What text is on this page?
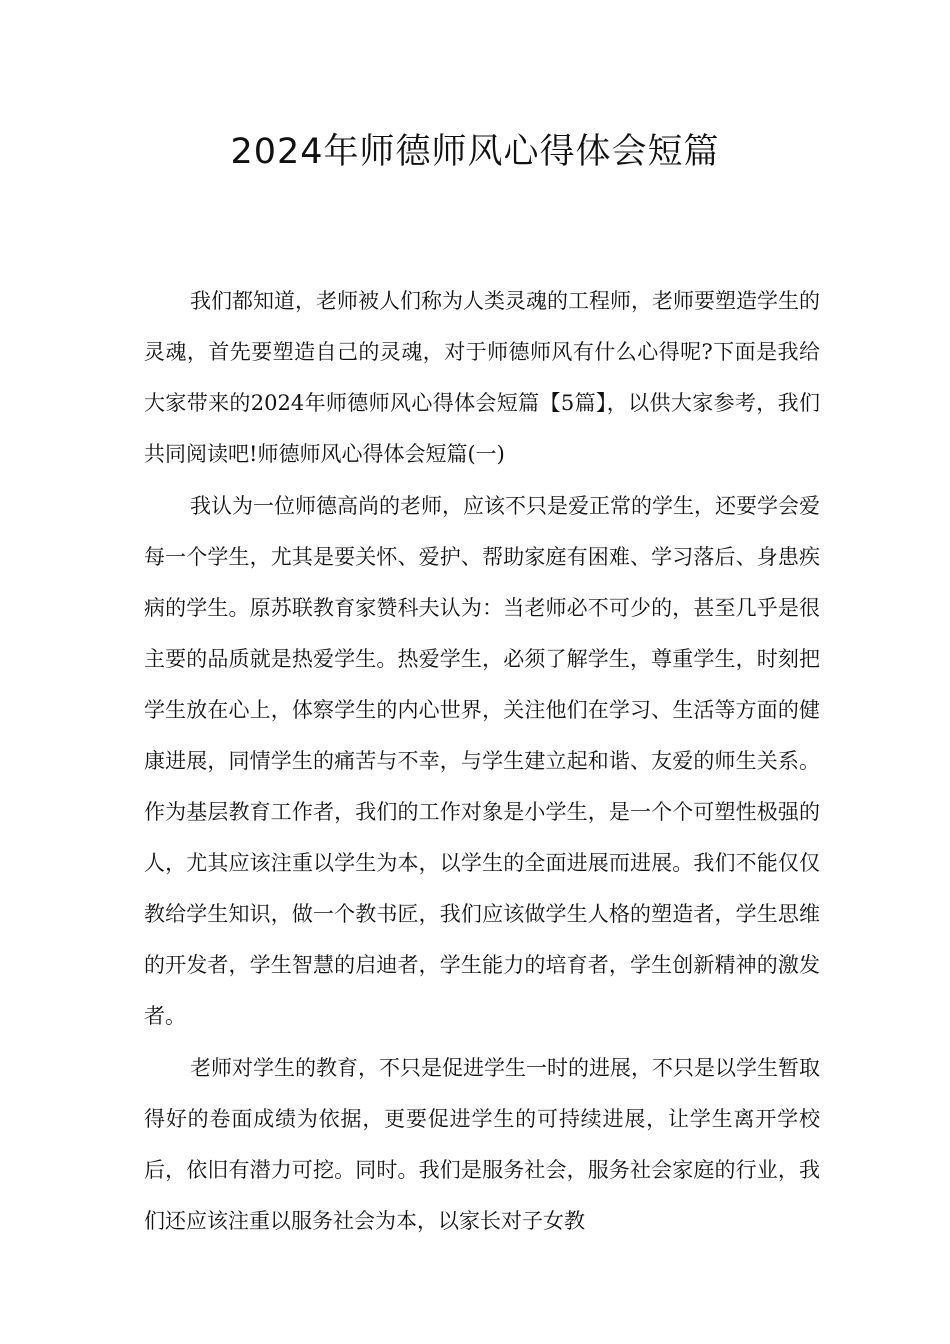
2024年师德师风心得体会短篇

我们都知道，老师被人们称为人类灵魂的工程师，老师要塑造学生的灵魂，首先要塑造自己的灵魂，对于师德师风有什么心得呢?下面是我给大家带来的2024年师德师风心得体会短篇【5篇】，以供大家参考，我们共同阅读吧!师德师风心得体会短篇(一)

我认为一位师德高尚的老师，应该不只是爱正常的学生，还要学会爱每一个学生，尤其是要关怀、爱护、帮助家庭有困难、学习落后、身患疾病的学生。原苏联教育家赞科夫认为：当老师必不可少的，甚至几乎是很主要的品质就是热爱学生。热爱学生，必须了解学生，尊重学生，时刻把学生放在心上，体察学生的内心世界，关注他们在学习、生活等方面的健康进展，同情学生的痛苦与不幸，与学生建立起和谐、友爱的师生关系。作为基层教育工作者，我们的工作对象是小学生，是一个个可塑性极强的人，尤其应该注重以学生为本，以学生的全面进展而进展。我们不能仅仅教给学生知识，做一个教书匠，我们应该做学生人格的塑造者，学生思维的开发者，学生智慧的启迪者，学生能力的培育者，学生创新精神的激发者。

老师对学生的教育，不只是促进学生一时的进展，不只是以学生暂取得好的卷面成绩为依据，更要促进学生的可持续进展，让学生离开学校后，依旧有潜力可挖。同时。我们是服务社会，服务社会家庭的行业，我们还应该注重以服务社会为本，以家长对子女教
